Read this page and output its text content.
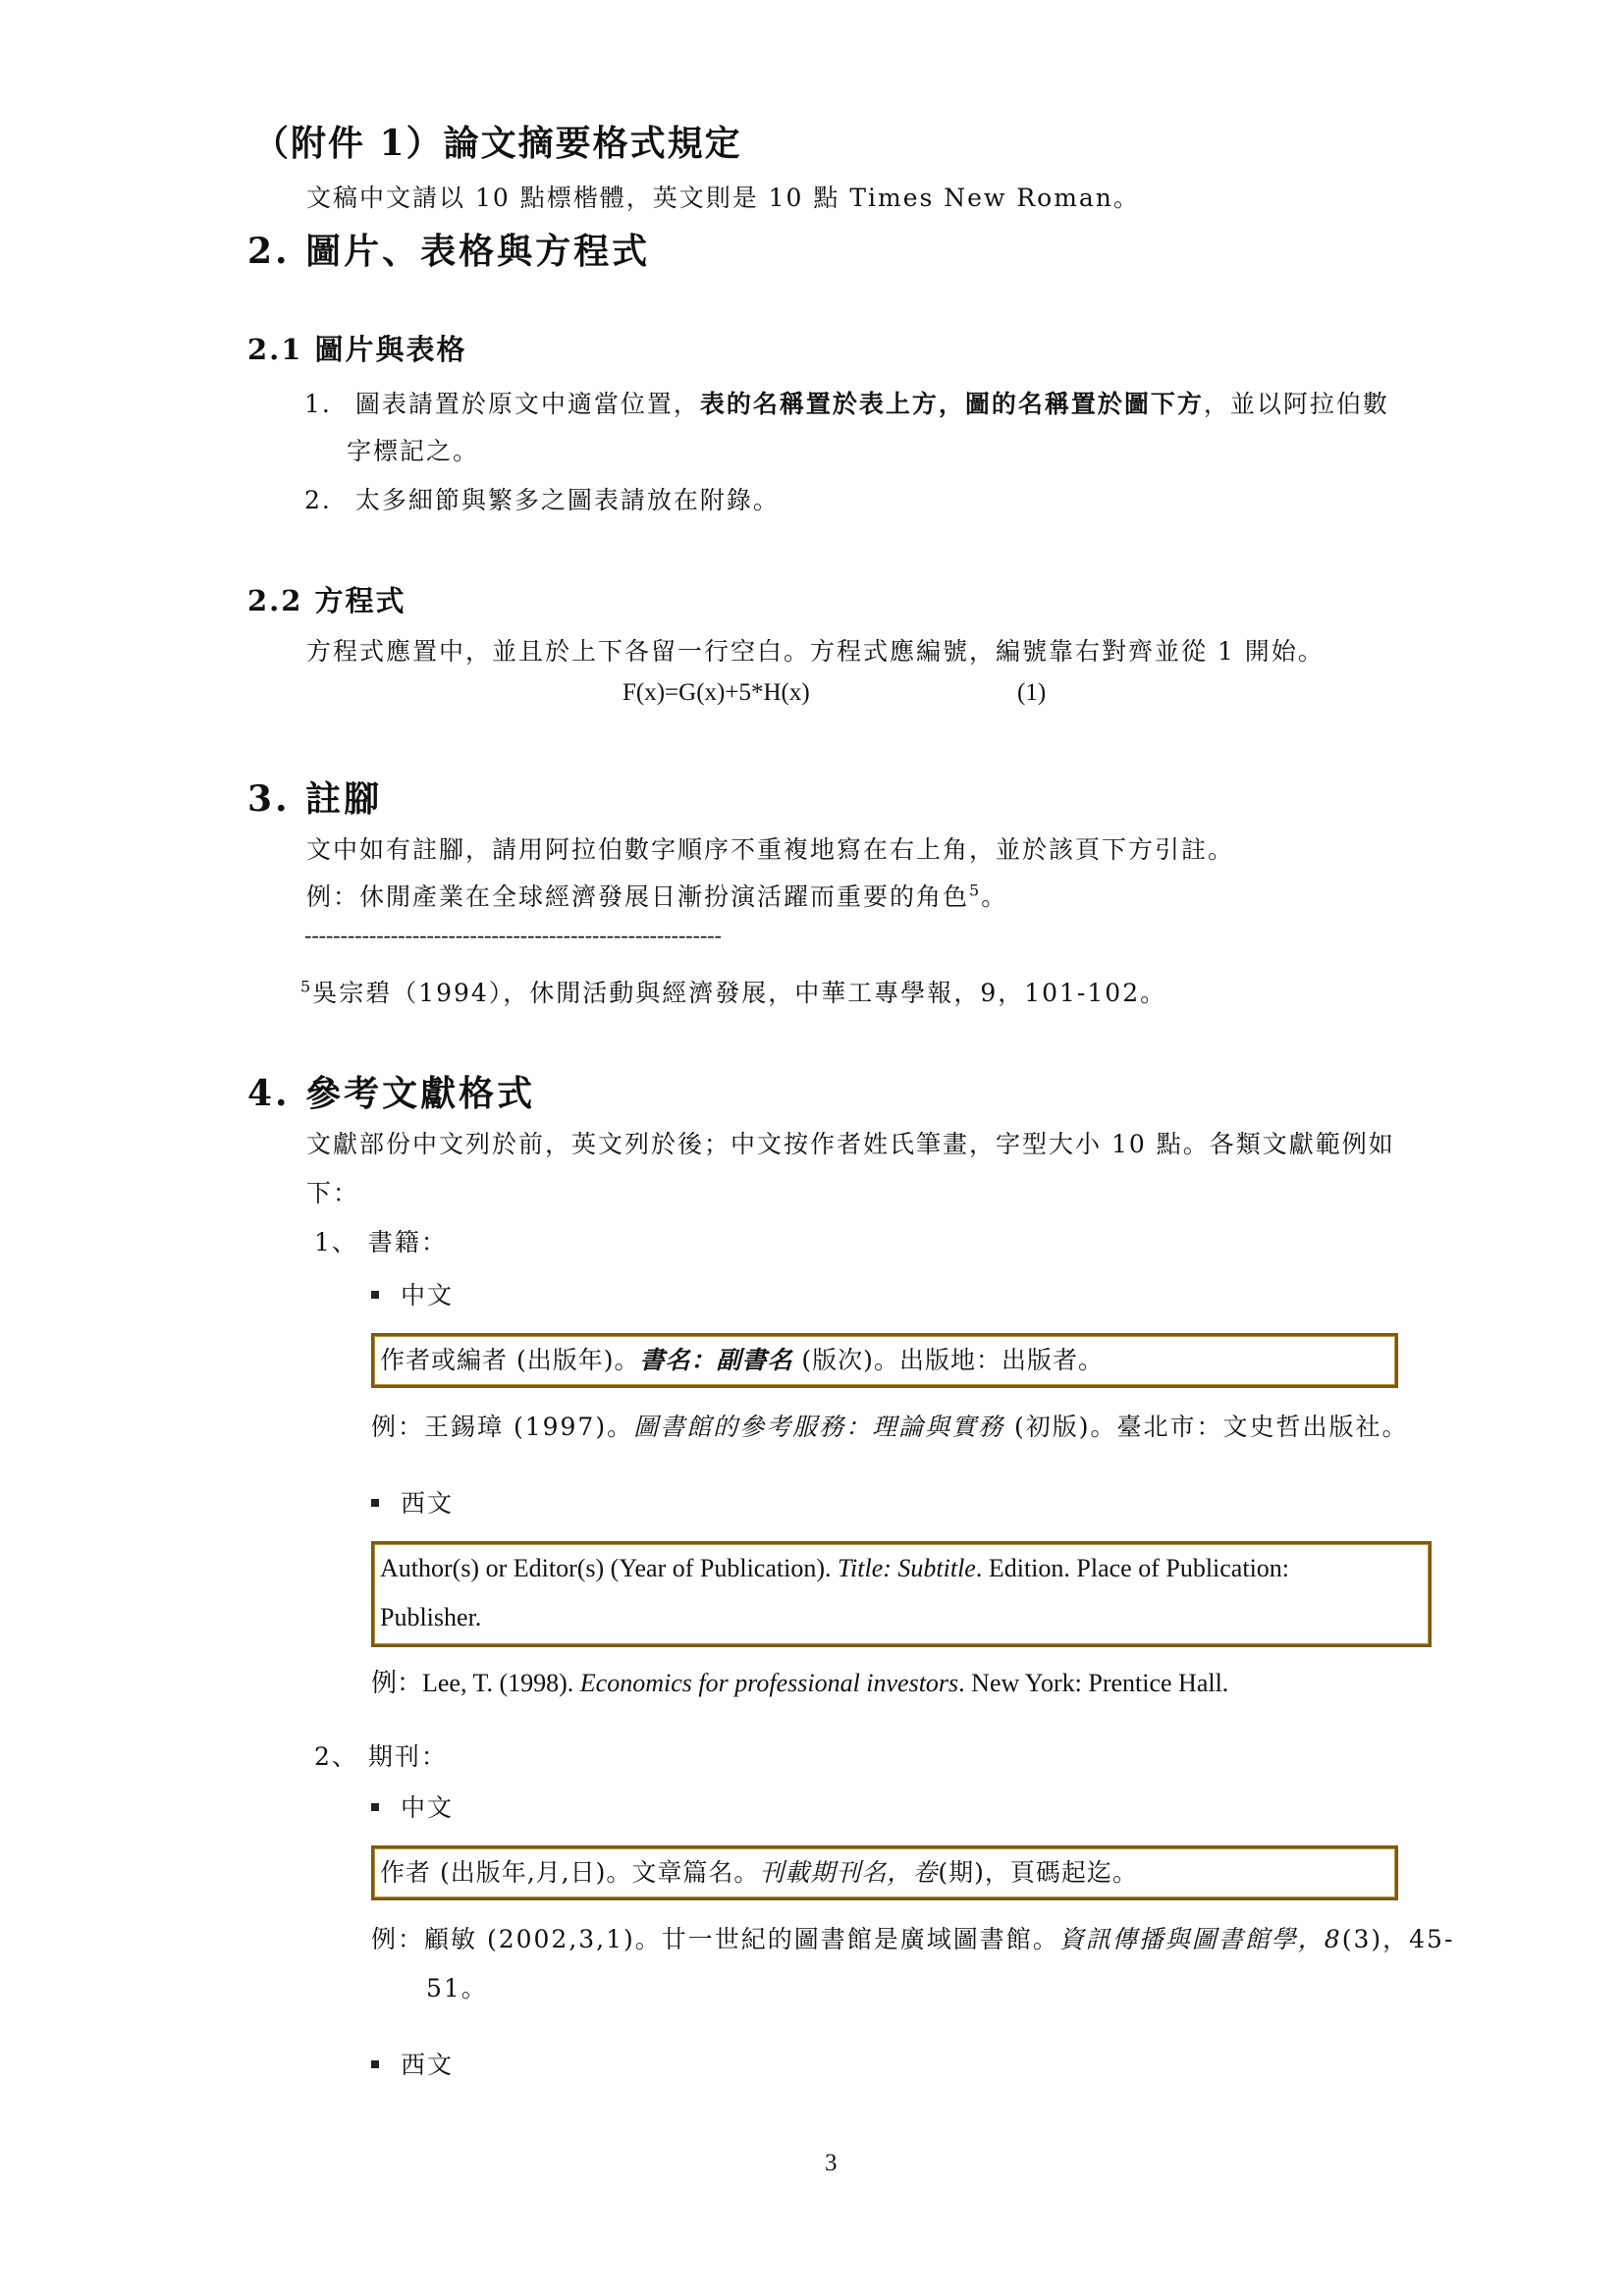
（附件 1）論文摘要格式規定
文稿中文請以 10 點標楷體，英文則是 10 點 Times New Roman。
2. 圖片、表格與方程式
2.1 圖片與表格
1. 圖表請置於原文中適當位置，表的名稱置於表上方，圖的名稱置於圖下方，並以阿拉伯數
字標記之。
2. 太多細節與繁多之圖表請放在附錄。
2.2 方程式
方程式應置中，並且於上下各留一行空白。方程式應編號，編號靠右對齊並從 1 開始。
F(x)=G(x)+5*H(x)	(1)
3. 註腳
文中如有註腳，請用阿拉伯數字順序不重複地寫在右上角，並於該頁下方引註。
例：休閒產業在全球經濟發展日漸扮演活躍而重要的角色$^5$。
----------------------------------------------------------
$^5$吳宗碧（1994），休閒活動與經濟發展，中華工專學報，9，101-102。
4. 參考文獻格式
文獻部份中文列於前，英文列於後；中文按作者姓氏筆畫，字型大小 10 點。各類文獻範例如
下：
1、 書籍：
中文
作者或編者 (出版年)。書名：副書名 (版次)。出版地：出版者。
例：王錫璋 (1997)。圖書館的參考服務：理論與實務 (初版)。臺北市：文史哲出版社。
西文
Author(s) or Editor(s) (Year of Publication). Title: Subtitle. Edition. Place of Publication:
Publisher.
例：Lee, T. (1998). Economics for professional investors. New York: Prentice Hall.
2、 期刊：
中文
作者 (出版年,月,日)。文章篇名。刊載期刊名，卷(期)，頁碼起迄。
例：顧敏 (2002,3,1)。廿一世紀的圖書館是廣域圖書館。資訊傳播與圖書館學，8(3)，45-
51。
西文
3
